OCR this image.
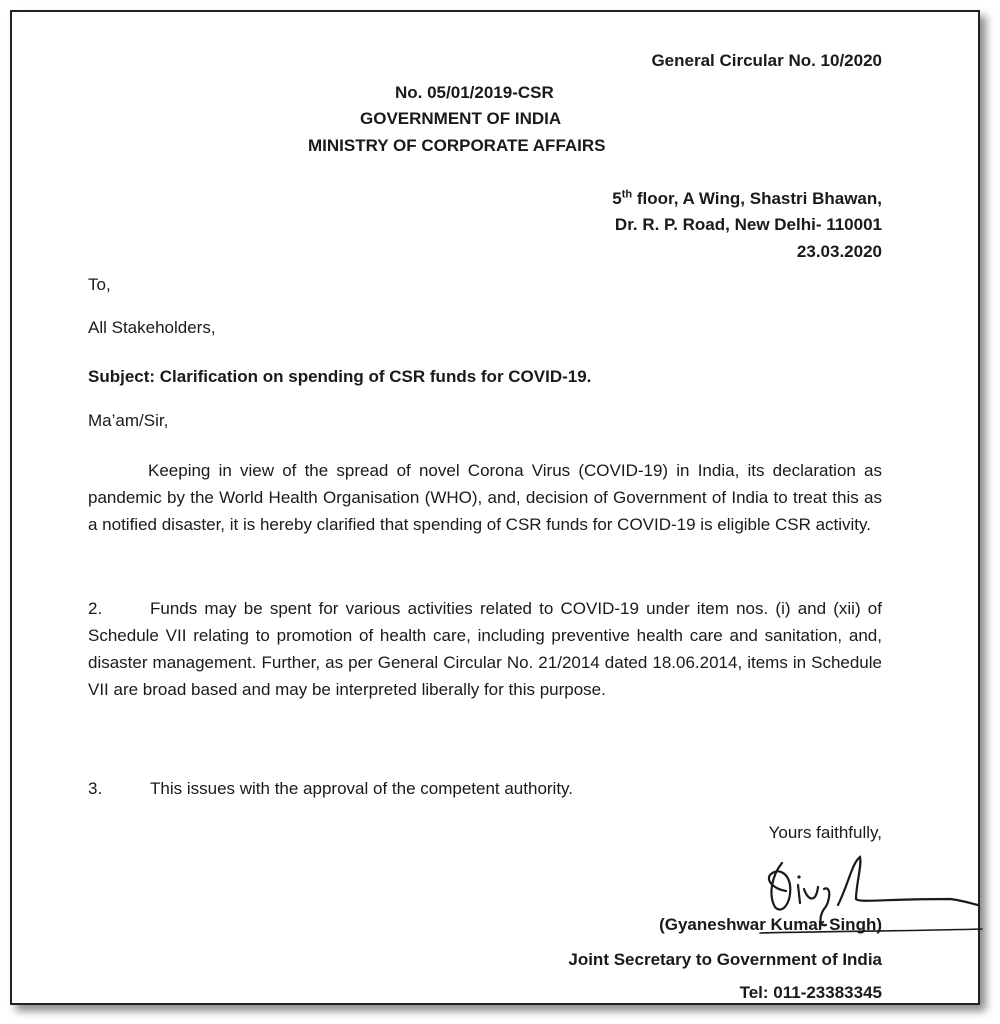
General Circular No. 10/2020
No. 05/01/2019-CSR
GOVERNMENT OF INDIA
MINISTRY OF CORPORATE AFFAIRS
5th floor, A Wing, Shastri Bhawan,
Dr. R. P. Road, New Delhi- 110001
23.03.2020
To,
All Stakeholders,
Subject: Clarification on spending of CSR funds for COVID-19.
Ma’am/Sir,
Keeping in view of the spread of novel Corona Virus (COVID-19) in India, its declaration as pandemic by the World Health Organisation (WHO), and, decision of Government of India to treat this as a notified disaster, it is hereby clarified that spending of CSR funds for COVID-19 is eligible CSR activity.
2.	Funds may be spent for various activities related to COVID-19 under item nos. (i) and (xii) of Schedule VII relating to promotion of health care, including preventive health care and sanitation, and, disaster management. Further, as per General Circular No. 21/2014 dated 18.06.2014, items in Schedule VII are broad based and may be interpreted liberally for this purpose.
3.	This issues with the approval of the competent authority.
Yours faithfully,
(Gyaneshwar Kumar Singh)
Joint Secretary to Government of India
Tel: 011-23383345
